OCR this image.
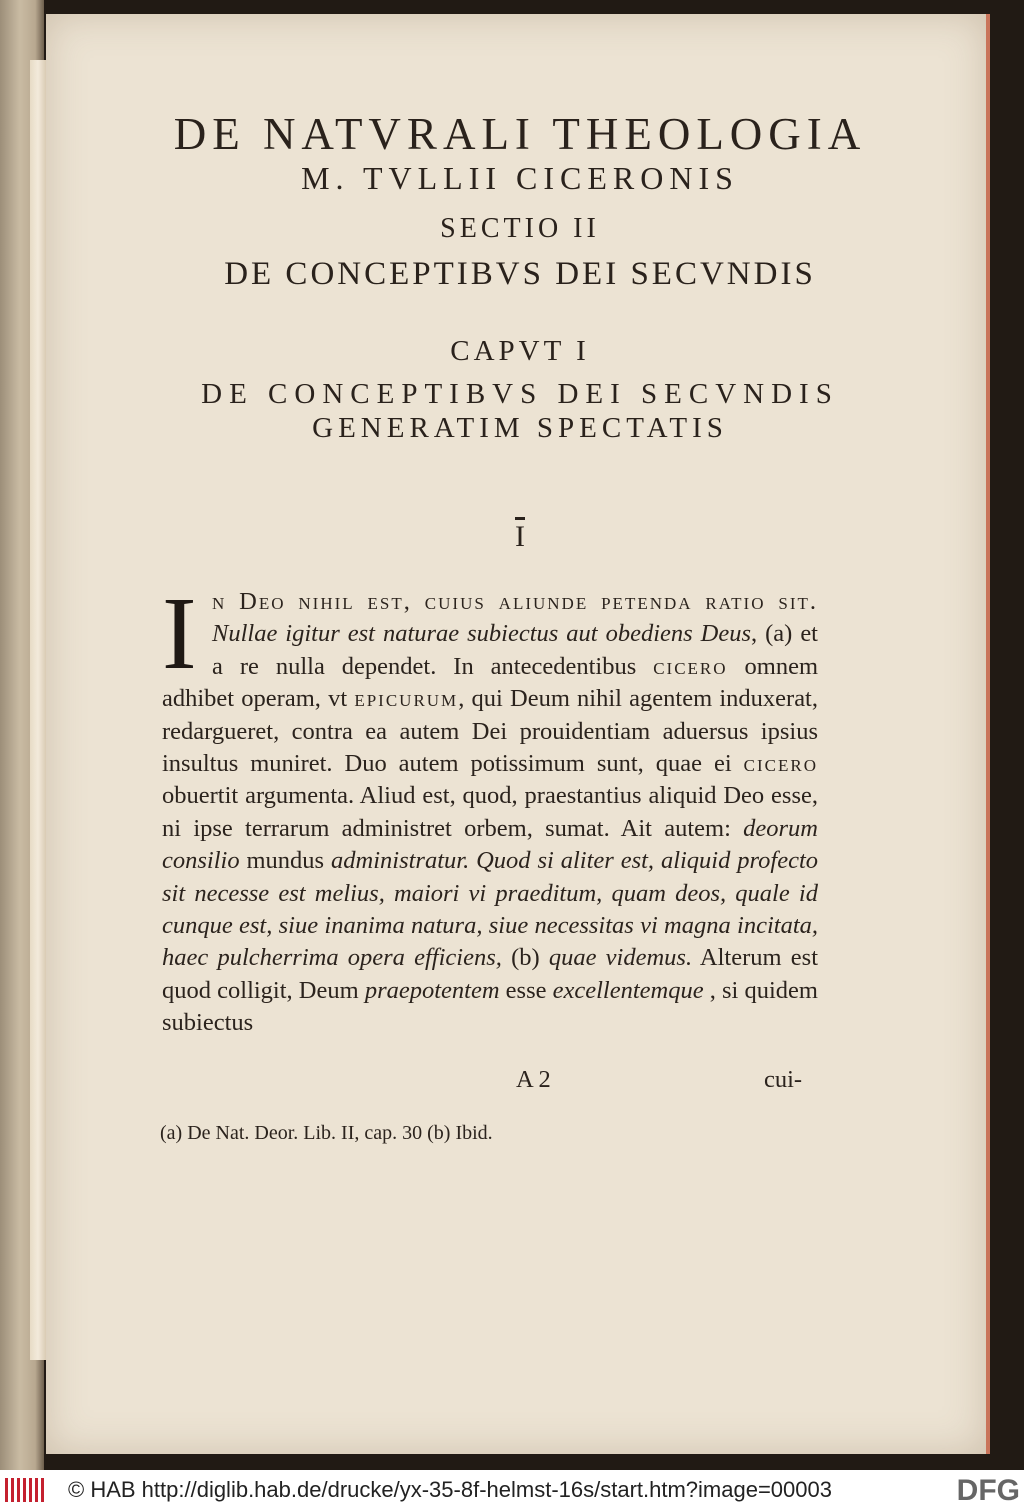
DE NATVRALI THEOLOGIA
M. TVLLII CICERONIS
SECTIO II
DE CONCEPTIBVS DEI SECVNDIS
CAPVT I
DE CONCEPTIBVS DEI SECVNDIS
GENERATIM SPECTATIS
$\overline{I}$
In Deo nihil est, cuius aliunde petenda ratio sit. Nullae igitur est naturae subiectus aut obediens Deus, (a) et a re nulla dependet. In antecedentibus cicero omnem adhibet operam, vt epicurum, qui Deum nihil agentem induxerat, redargueret, contra ea autem Dei prouidentiam aduersus ipsius insultus muniret. Duo autem potissimum sunt, quae ei cicero obuertit argumenta. Aliud est, quod, praestantius aliquid Deo esse, ni ipse terrarum administret orbem, sumat. Ait autem: deorum consilio mundus administratur. Quod si aliter est, aliquid profecto sit necesse est melius, maiori vi praeditum, quam deos, quale id cunque est, siue inanima natura, siue necessitas vi magna incitata, haec pulcherrima opera efficiens, (b) quae videmus. Alterum est quod colligit, Deum praepotentem esse excellentemque , si quidem subiectus
A 2	cui-
(a) De Nat. Deor. Lib. II, cap. 30 (b) Ibid.
© HAB http://diglib.hab.de/drucke/yx-35-8f-helmst-16s/start.htm?image=00003	DFG
